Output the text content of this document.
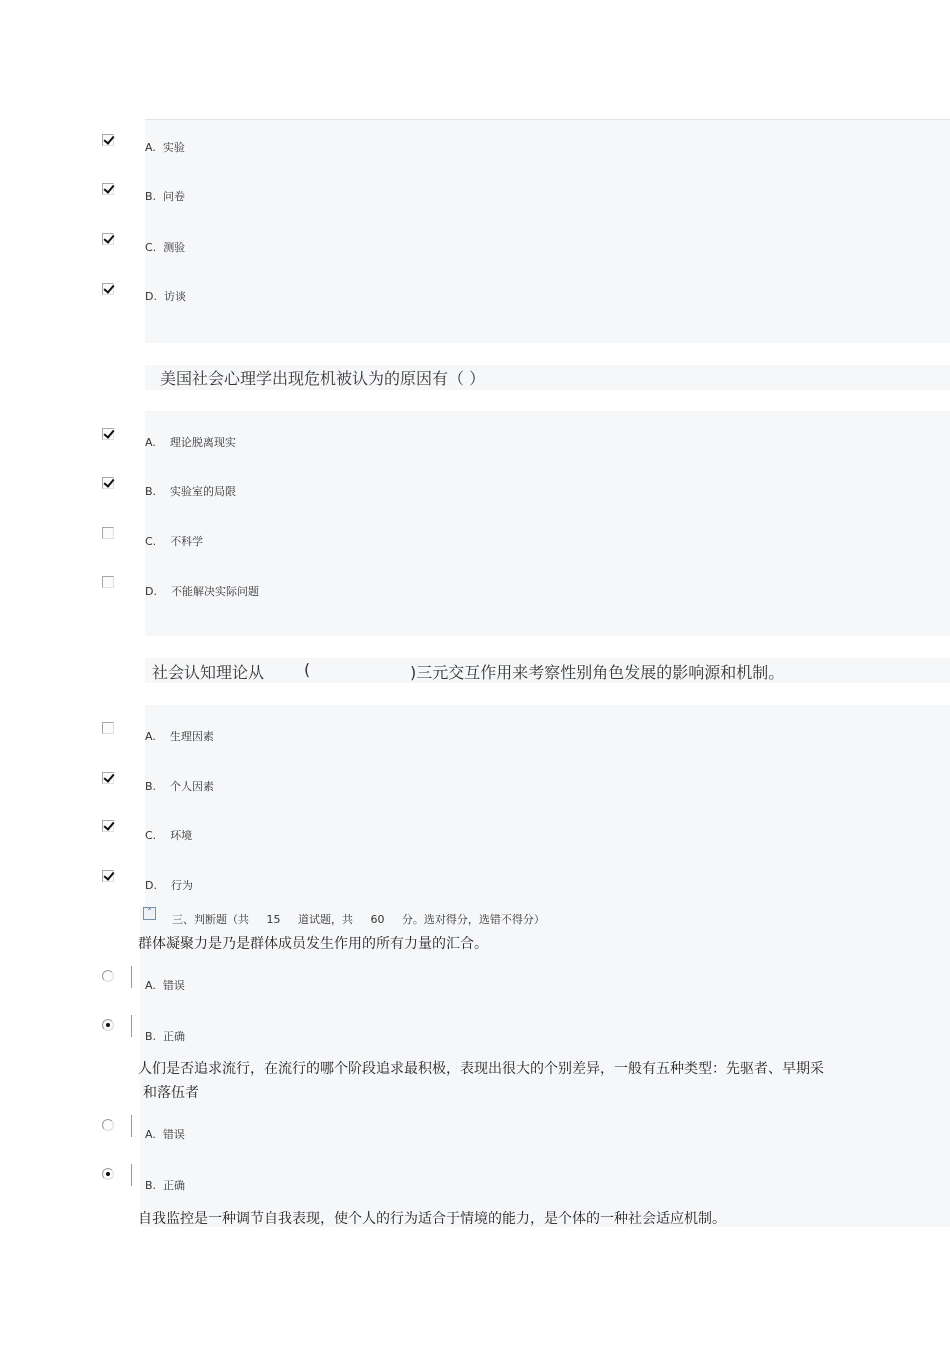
A. 实验
B. 问卷
C. 测验
D. 访谈
美国社会心理学出现危机被认为的原因有（ ）
A. 理论脱离现实
B. 实验室的局限
C. 不科学
D. 不能解决实际问题
社会认知理论从 (	)三元交互作用来考察性别角色发展的影响源和机制。
A. 生理因素
B. 个人因素
C. 环境
D. 行为
˄	三、判断题（共 15 道试题，共 60 分。选对得分，选错不得分）
群体凝聚力是乃是群体成员发生作用的所有力量的汇合。
A. 错误
B. 正确
人们是否追求流行，在流行的哪个阶段追求最积极，表现出很大的个别差异，一般有五种类型：先驱者、早期采
和落伍者
A. 错误
B. 正确
自我监控是一种调节自我表现，使个人的行为适合于情境的能力，是个体的一种社会适应机制。
